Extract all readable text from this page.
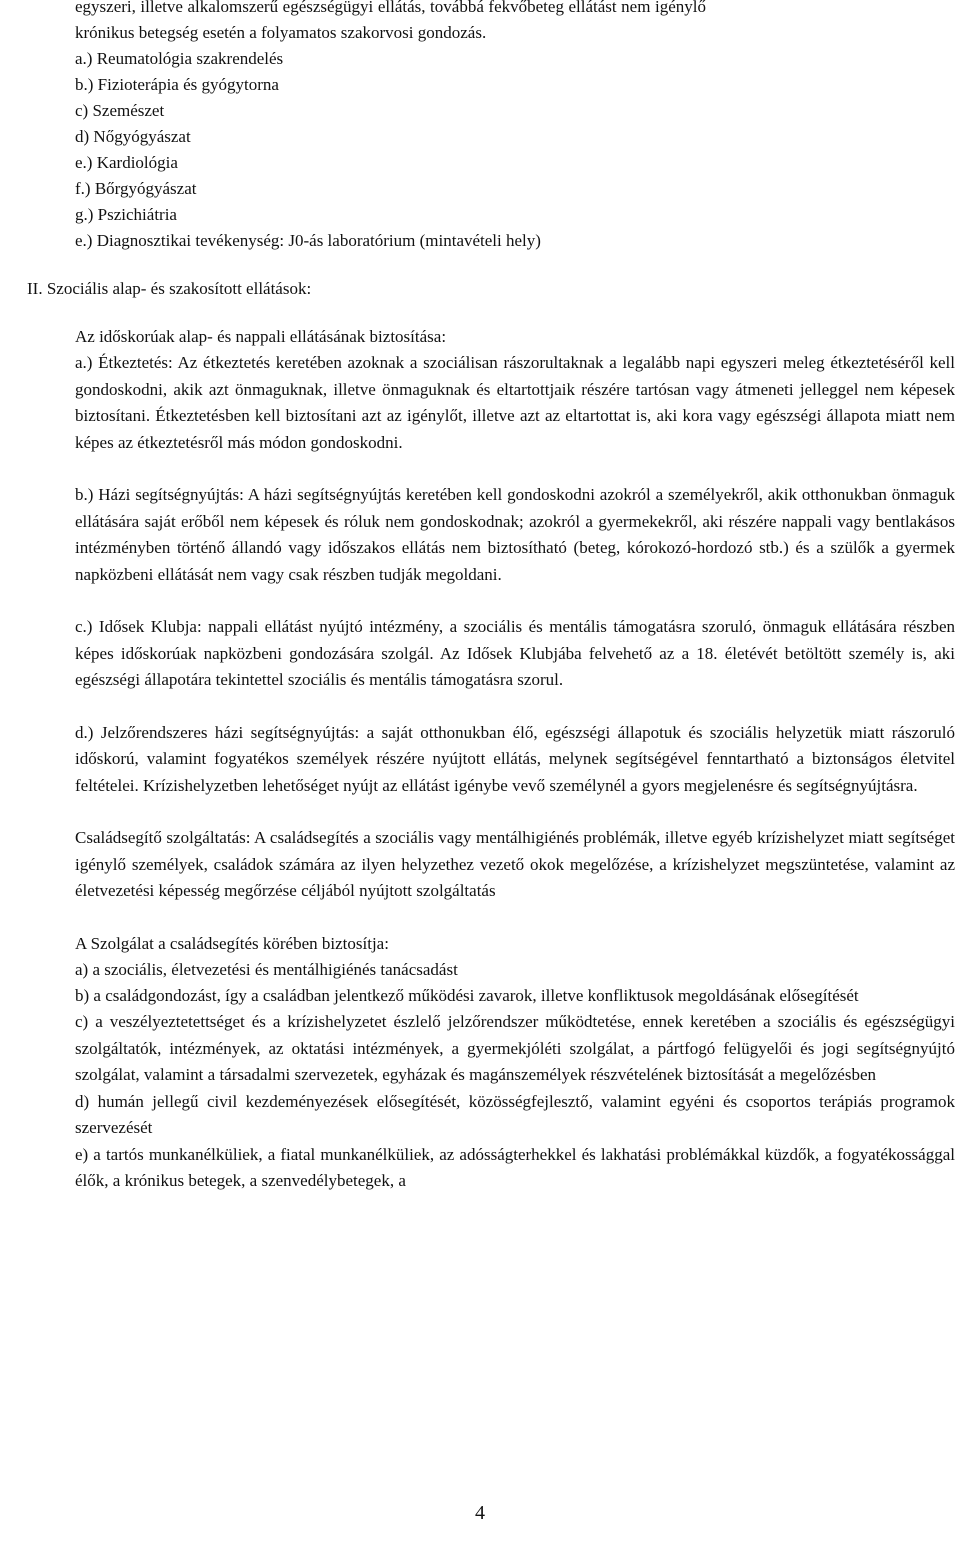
egyszeri, illetve alkalomszerű egészségügyi ellátás, továbbá fekvőbeteg ellátást nem igénylő
krónikus betegség esetén a folyamatos szakorvosi gondozás.
a.) Reumatológia szakrendelés
b.) Fizioterápia és gyógytorna
c) Szemészet
d) Nőgyógyászat
e.) Kardiológia
f.) Bőrgyógyászat
g.) Pszichiátria
e.) Diagnosztikai tevékenység: J0-ás laboratórium (mintavételi hely)
II. Szociális alap- és szakosított ellátások:
Az időskorúak alap- és nappali ellátásának biztosítása:

a.) Étkeztetés: Az étkeztetés keretében azoknak a szociálisan rászorultaknak a legalább napi egyszeri meleg étkeztetéséről kell gondoskodni, akik azt önmaguknak, illetve önmaguknak és eltartottjaik részére tartósan vagy átmeneti jelleggel nem képesek biztosítani. Étkeztetésben kell biztosítani azt az igénylőt, illetve azt az eltartottat is, aki kora vagy egészségi állapota miatt nem képes az étkeztetésről más módon gondoskodni.

b.) Házi segítségnyújtás: A házi segítségnyújtás keretében kell gondoskodni azokról a személyekről, akik otthonukban önmaguk ellátására saját erőből nem képesek és róluk nem gondoskodnak; azokról a gyermekekről, aki részére nappali vagy bentlakásos intézményben történő állandó vagy időszakos ellátás nem biztosítható (beteg, kórokozó-hordozó stb.) és a szülők a gyermek napközbeni ellátását nem vagy csak részben tudják megoldani.

c.) Idősek Klubja: nappali ellátást nyújtó intézmény, a szociális és mentális támogatásra szoruló, önmaguk ellátására részben képes időskorúak napközbeni gondozására szolgál. Az Idősek Klubjába felvehető az a 18. életévét betöltött személy is, aki egészségi állapotára tekintettel szociális és mentális támogatásra szorul.

d.) Jelzőrendszeres házi segítségnyújtás: a saját otthonukban élő, egészségi állapotuk és szociális helyzetük miatt rászoruló időskorú, valamint fogyatékos személyek részére nyújtott ellátás, melynek segítségével fenntartható a biztonságos életvitel feltételei. Krízishelyzetben lehetőséget nyújt az ellátást igénybe vevő személynél a gyors megjelenésre és segítségnyújtásra.

Családsegítő szolgáltatás: A családsegítés a szociális vagy mentálhigiénés problémák, illetve egyéb krízishelyzet miatt segítséget igénylő személyek, családok számára az ilyen helyzethez vezető okok megelőzése, a krízishelyzet megszüntetése, valamint az életvezetési képesség megőrzése céljából nyújtott szolgáltatás

A Szolgálat a családsegítés körében biztosítja:
a) a szociális, életvezetési és mentálhigiénés tanácsadást

b) a családgondozást, így a családban jelentkező működési zavarok, illetve konfliktusok megoldásának elősegítését

c) a veszélyeztetettséget és a krízishelyzetet észlelő jelzőrendszer működtetése, ennek keretében a szociális és egészségügyi szolgáltatók, intézmények, az oktatási intézmények, a gyermekjóléti szolgálat, a pártfogó felügyelői és jogi segítségnyújtó szolgálat, valamint a társadalmi szervezetek, egyházak és magánszemélyek részvételének biztosítását a megelőzésben

d) humán jellegű civil kezdeményezések elősegítését, közösségfejlesztő, valamint egyéni és csoportos terápiás programok szervezését

e) a tartós munkanélküliek, a fiatal munkanélküliek, az adósságterhekkel és lakhatási problémákkal küzdők, a fogyatékossággal élők, a krónikus betegek, a szenvedélybetegek, a

4
